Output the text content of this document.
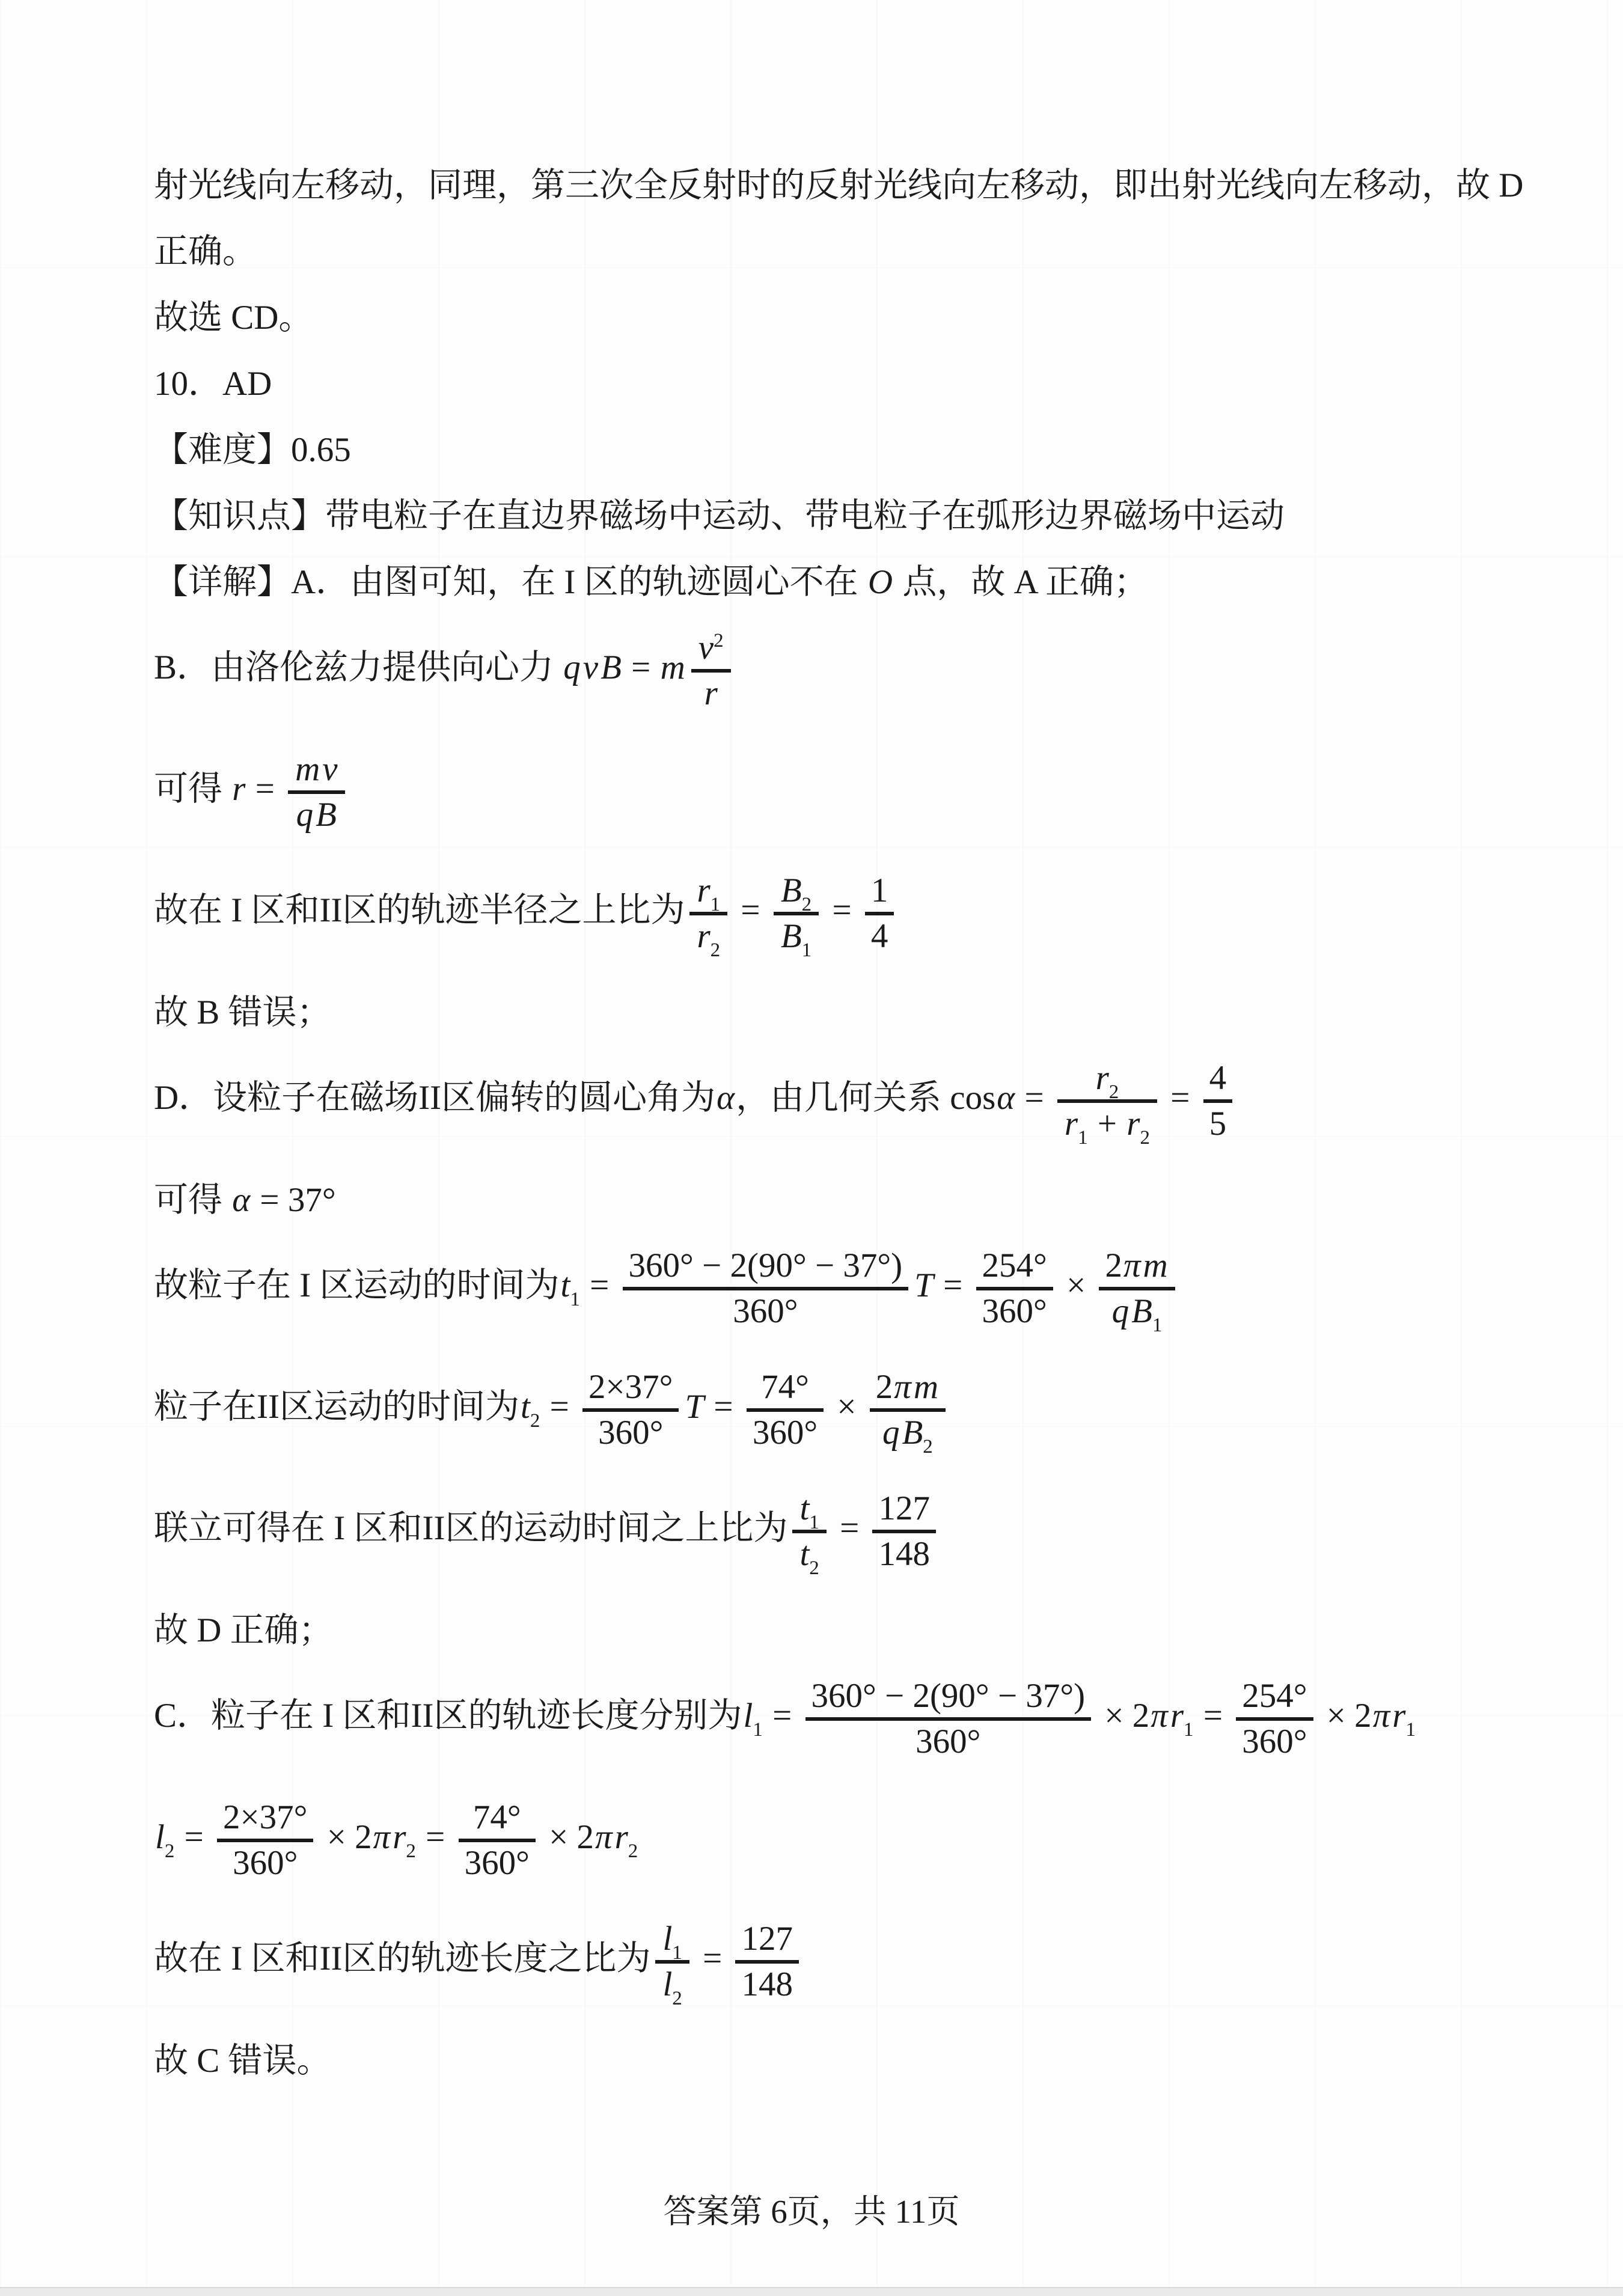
射光线向左移动，同理，第三次全反射时的反射光线向左移动，即出射光线向左移动，故 D
正确。
故选 CD。
10．AD
【难度】0.65
【知识点】带电粒子在直边界磁场中运动、带电粒子在弧形边界磁场中运动
【详解】A．由图可知，在 I 区的轨迹圆心不在 O 点，故 A 正确；
B．由洛伦兹力提供向心力 qvB = m $\frac{v^2}{r}$
可得 $r = \frac{mv}{qB}$
故在 I 区和II区的轨迹半径之上比为 $\frac{r_1}{r_2} = \frac{B_2}{B_1} = \frac{1}{4}$
故 B 错误；
D．设粒子在磁场II区偏转的圆心角为α，由几何关系 $\cos\alpha = \frac{r_2}{r_1 + r_2} = \frac{4}{5}$
可得 α = 37°
故粒子在 I 区运动的时间为$t_1 = \frac{360^\circ - 2(90^\circ - 37^\circ)}{360^\circ}$ $T = \frac{254^\circ}{360^\circ} \times \frac{2\pi m}{qB_1}$
粒子在II区运动的时间为$t_2 = \frac{2\times 37^\circ}{360^\circ}$ $T = \frac{74^\circ}{360^\circ} \times \frac{2\pi m}{qB_2}$
联立可得在 I 区和II区的运动时间之上比为 $\frac{t_1}{t_2} = \frac{127}{148}$
故 D 正确；
C．粒子在 I 区和II区的轨迹长度分别为$l_1 = \frac{360^\circ - 2(90^\circ - 37^\circ)}{360^\circ} \times 2\pi r_1 = \frac{254^\circ}{360^\circ} \times 2\pi r_1$
$l_2 = \frac{2\times 37^\circ}{360^\circ} \times 2\pi r_2 = \frac{74^\circ}{360^\circ} \times 2\pi r_2$
故在 I 区和II区的轨迹长度之比为 $\frac{l_1}{l_2} = \frac{127}{148}$
故 C 错误。
答案第 6页，共 11页
